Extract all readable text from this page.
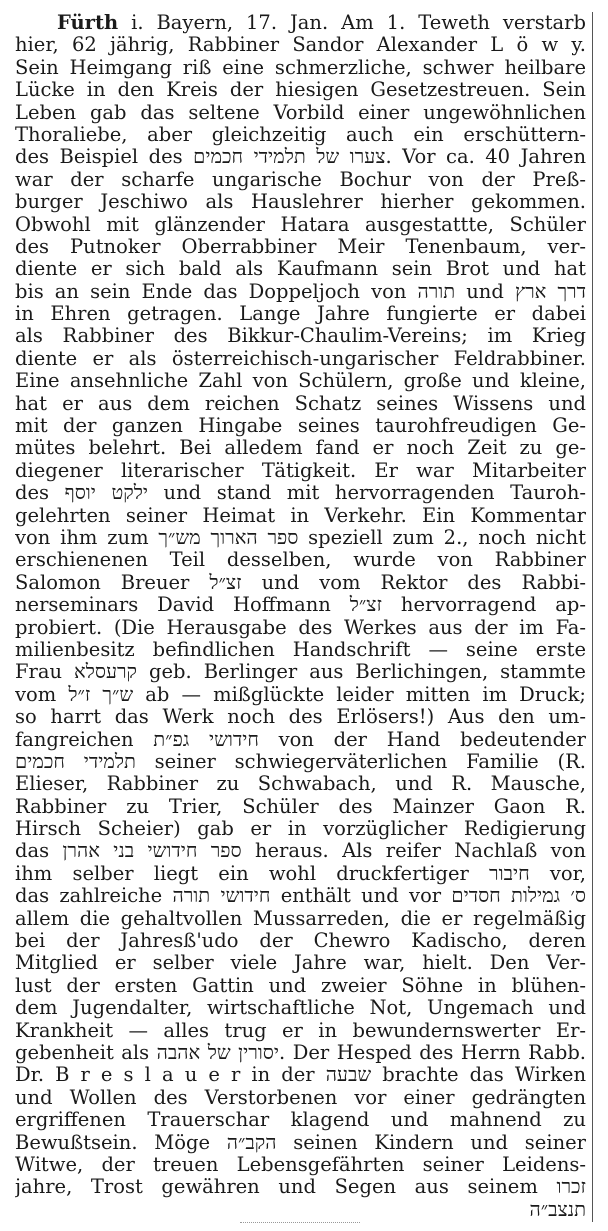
Fürth i. Bayern, 17. Jan. Am 1. Teweth verstarb
hier, 62 jährig, Rabbiner Sandor Alexander L ö w y.
Sein Heimgang riß eine schmerzliche, schwer heilbare
Lücke in den Kreis der hiesigen Gesetzestreuen. Sein
Leben gab das seltene Vorbild einer ungewöhnlichen
Thoraliebe, aber gleichzeitig auch ein erschüttern-
des Beispiel des צערו של תלמידי חכמים. Vor ca. 40 Jahren
war der scharfe ungarische Bochur von der Preß-
burger Jeschiwo als Hauslehrer hierher gekommen.
Obwohl mit glänzender Hatara ausgestattte, Schüler
des Putnoker Oberrabbiner Meir Tenenbaum, ver-
diente er sich bald als Kaufmann sein Brot und hat
bis an sein Ende das Doppeljoch von תורה und דרך ארץ
in Ehren getragen. Lange Jahre fungierte er dabei
als Rabbiner des Bikkur-Chaulim-Vereins; im Krieg
diente er als österreichisch-ungarischer Feldrabbiner.
Eine ansehnliche Zahl von Schülern, große und kleine,
hat er aus dem reichen Schatz seines Wissens und
mit der ganzen Hingabe seines taurohfreudigen Ge-
mütes belehrt. Bei alledem fand er noch Zeit zu ge-
diegener literarischer Tätigkeit. Er war Mitarbeiter
des ילקט יוסף und stand mit hervorragenden Tauroh-
gelehrten seiner Heimat in Verkehr. Ein Kommentar
von ihm zum ספר הארוך מש״ך speziell zum 2., noch nicht
erschienenen Teil desselben, wurde von Rabbiner
Salomon Breuer זצ״ל und vom Rektor des Rabbi-
nerseminars David Hoffmann זצ״ל hervorragend ap-
probiert. (Die Herausgabe des Werkes aus der im Fa-
milienbesitz befindlichen Handschrift — seine erste
Frau קרעסלא geb. Berlinger aus Berlichingen, stammte
vom ש״ך ז״ל ab — mißglückte leider mitten im Druck;
so harrt das Werk noch des Erlösers!) Aus den um-
fangreichen חידושי גפ״ת von der Hand bedeutender
תלמידי חכמים seiner schwiegerväterlichen Familie (R.
Elieser, Rabbiner zu Schwabach, und R. Mausche,
Rabbiner zu Trier, Schüler des Mainzer Gaon R.
Hirsch Scheier) gab er in vorzüglicher Redigierung
das ספר חידושי בני אהרן heraus. Als reifer Nachlaß von
ihm selber liegt ein wohl druckfertiger חיבור vor,
das zahlreiche חידושי תורה enthält und vor ס׳ גמילות חסדים
allem die gehaltvollen Mussarreden, die er regelmäßig
bei der Jahresß'udo der Chewro Kadischo, deren
Mitglied er selber viele Jahre war, hielt. Den Ver-
lust der ersten Gattin und zweier Söhne in blühen-
dem Jugendalter, wirtschaftliche Not, Ungemach und
Krankheit — alles trug er in bewundernswerter Er-
gebenheit als יסורין של אהבה. Der Hesped des Herrn Rabb.
Dr. B r e s l a u e r in der שבעה brachte das Wirken
und Wollen des Verstorbenen vor einer gedrängten
ergriffenen Trauerschar klagend und mahnend zu
Bewußtsein. Möge הקב״ה seinen Kindern und seiner
Witwe, der treuen Lebensgefährten seiner Leidens-
jahre, Trost gewähren und Segen aus seinem זכרו
תנצב״ה
